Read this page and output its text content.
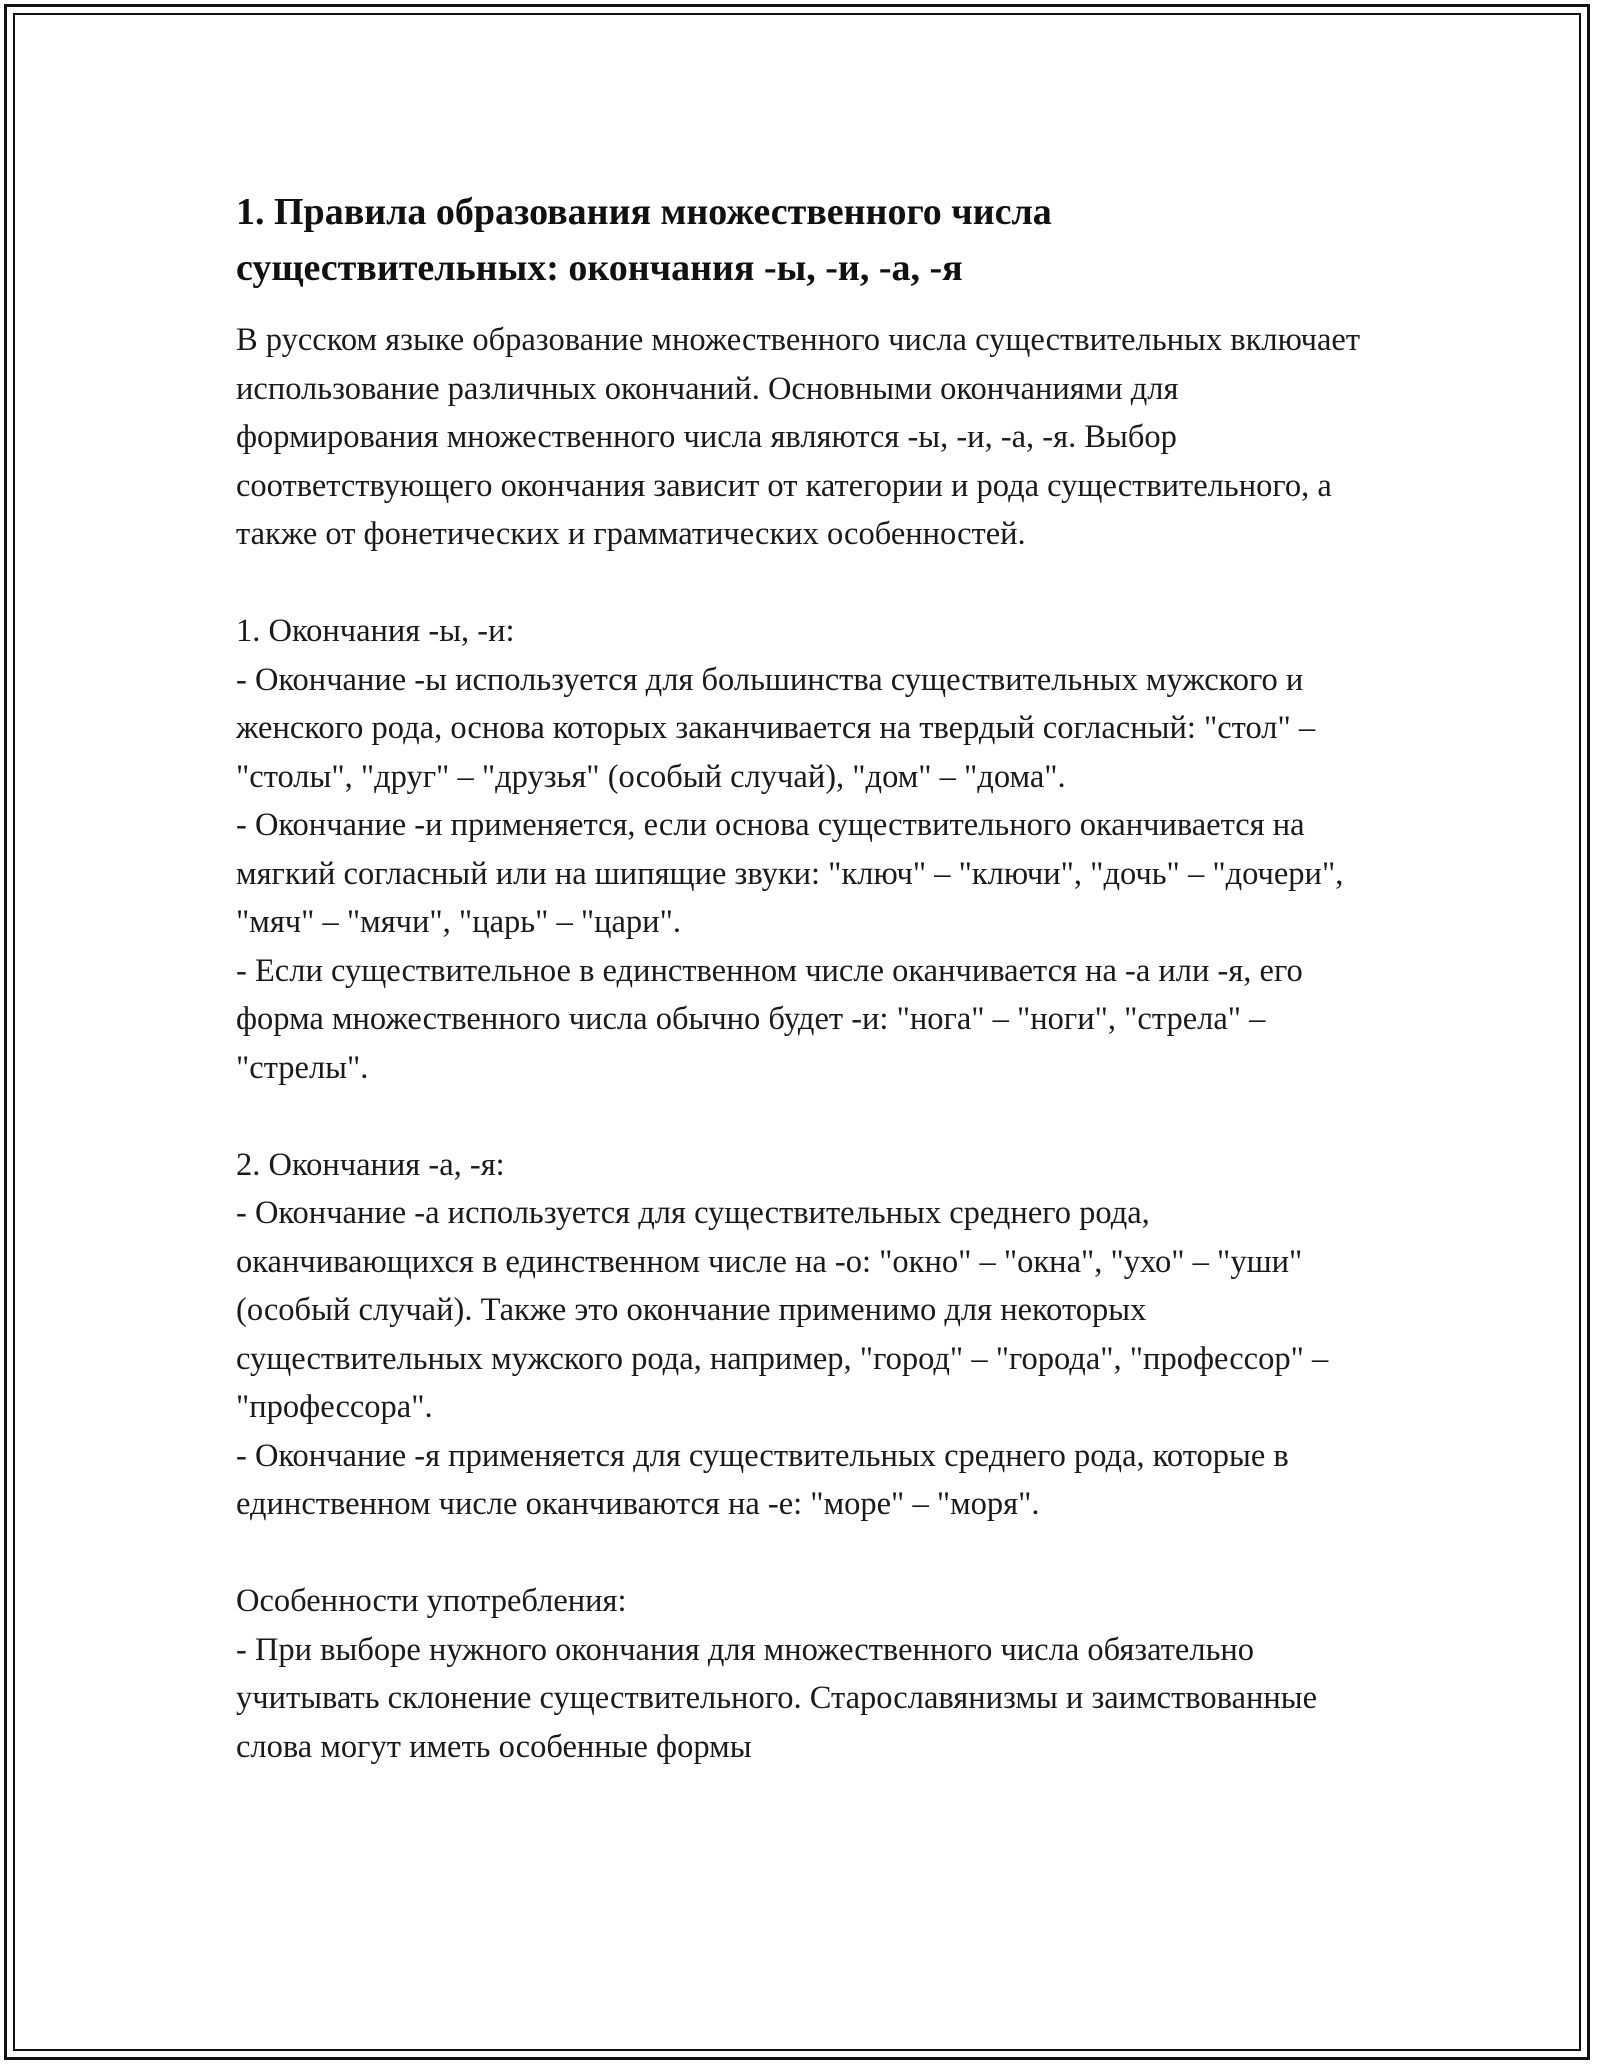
1. Правила образования множественного числа существительных: окончания -ы, -и, -а, -я

В русском языке образование множественного числа существительных включает использование различных окончаний. Основными окончаниями для формирования множественного числа являются -ы, -и, -а, -я. Выбор соответствующего окончания зависит от категории и рода существительного, а также от фонетических и грамматических особенностей.

1. Окончания -ы, -и:

- Окончание -ы используется для большинства существительных мужского и женского рода, основа которых заканчивается на твердый согласный: "стол" – "столы", "друг" – "друзья" (особый случай), "дом" – "дома".

- Окончание -и применяется, если основа существительного оканчивается на мягкий согласный или на шипящие звуки: "ключ" – "ключи", "дочь" – "дочери", "мяч" – "мячи", "царь" – "цари".

- Если существительное в единственном числе оканчивается на -а или -я, его форма множественного числа обычно будет -и: "нога" – "ноги", "стрела" – "стрелы".

2. Окончания -а, -я:

- Окончание -а используется для существительных среднего рода, оканчивающихся в единственном числе на -о: "окно" – "окна", "ухо" – "уши" (особый случай). Также это окончание применимо для некоторых существительных мужского рода, например, "город" – "города", "профессор" – "профессора".

- Окончание -я применяется для существительных среднего рода, которые в единственном числе оканчиваются на -е: "море" – "моря".

Особенности употребления:

- При выборе нужного окончания для множественного числа обязательно учитывать склонение существительного. Старославянизмы и заимствованные слова могут иметь особенные формы
